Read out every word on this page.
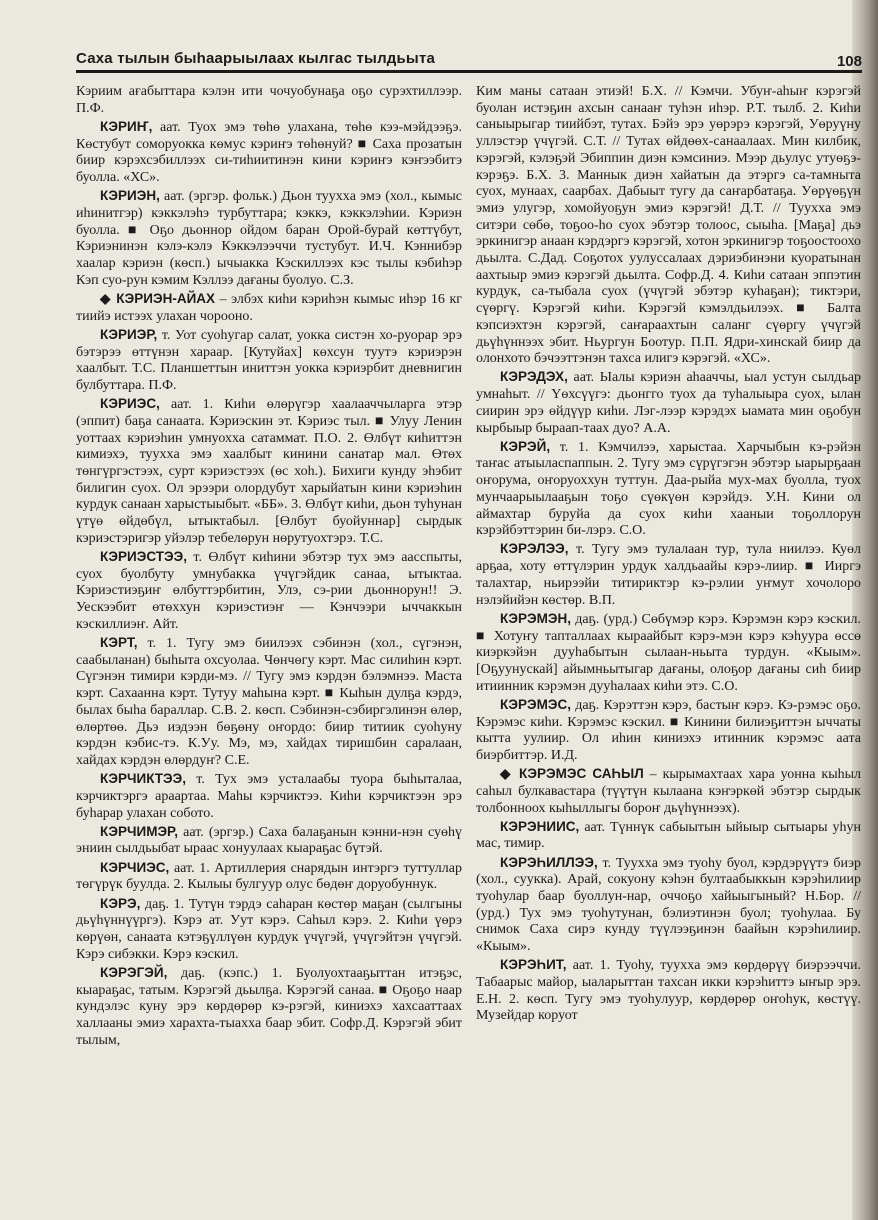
Саха тылын быһаарыылаах кылгас тылдьыта	108

Кэриим ағабыттара кэлэн ити чочуобунаҕа оҕо сурэхтиллээр. П.Ф.

КЭРИҤ, аат. Туох эмэ төһө улахана, төһө кээ-мэйдээҕэ. Көстубут соморуокка көмус кэриҥэ төһөнуй? ■ Саха прозатын биир кэрэхсэбиллээх си-тиһиитинэн кини кэриҥэ кэҥээбитэ буолла. «ХС».

КЭРИЭН, аат. (эргэр. фольк.) Дьон тууххa эмэ (хол., кымыс иһинитгэр) кэккэлэһэ турбуттара; кэккэ, кэккэлэһии. Кэриэн буолла. ■ Оҕо дьоннор ойдом баран Орой-бурай көттүбут, Кэриэнинэн кэлэ-кэлэ Кэккэлээччи тустубут. И.Ч. Кэннибэр хаалар кэриэн (көсп.) ычыакка Кэскиллээх кэс тылы кэбиһэр Кэп суо-рун кэмим Кэллээ дағаны буолуо. С.З.

◆ КЭРИЭН-АЙАХ – элбэх киһи кэриһэн кымыс иһэр 16 кг тиийэ истээх улахан чороонo.

КЭРИЭР, т. Уот суоһугар салат, уокка систэн хо-руорар эрэ бэтэрээ өттүнэн хараар. [Кутуйах] көхсун туутэ кэриэрэн хаалбыт. Т.С. Планшеттын иниттэн уокка кэриэрбит дневнигин булбуттара. П.Ф.

КЭРИЭС, аат. 1. Киһи өлөрүгэр хаалааччыларга этэр (эппит) баҕа санаата. Кэриэскин эт. Кэриэс тыл. ■ Улуу Ленин уоттаах кэриэһин умнуохха сатаммат. П.О. 2. Өлбүт киһиттэн кимиэхэ, тууххa эмэ хаалбыт кинини санатар мал. Өтөх төнгүргэстээх, сурт кэриэстээх (өс хоһ.). Бихиги кунду эһэбит билигин суох. Ол эрээри олордубут харыйатын кини кэриэһин курдук санаан харыстыыбыт. «ББ». 3. Өлбүт киһи, дьон туһунан үтүө өйдөбүл, ытыктабыл. [Өлбут буойуннар] сырдык кэриэстэригэр уйэлэр тебелөрун нөрутуохтэрэ. Т.С.

КЭРИЭСТЭЭ, т. Өлбүт киһини эбэтэр тух эмэ аасcпыты, суох буолбуту умнубакка үчүгэйдик санаа, ытыктаа. Кэриэстиэҕиҥ өлбуттэрбитин, Улэ, сэ-рии дьоннорун!! Э. Уескээбит өтөххун кэриэстиэҥ — Кэнчээри ыччаккын кэскиллиэҥ. Айт.

КЭРТ, т. 1. Тугу эмэ биилээх сэбинэн (хол., сүгэнэн, саабыланан) быһыта охсуолаа. Чөнчөгу кэрт. Мас силиһин кэрт. Сүгэнэн тимири кэрди-мэ. // Тугу эмэ кэрдэн бэлэмнээ. Маста кэрт. Сахаанна кэрт. Тутуу маһына кэрт. ■ Кыһын дулҕа кэрдэ, былах быһа бараллар. С.В. 2. көсп. Сэбинэн-сэбиргэлинэн өлөр, өлөртөө. Дьэ иэдээн бөҕөну оҥордо: биир титиик суоһуну кэрдэн кэбис-тэ. К.Уу. Мэ, мэ, хайдах тиришбин саралаан, хайдах кэрдэн өлөрдуҥ? С.Е.

КЭРЧИКТЭЭ, т. Тух эмэ усталаабы туора быһыталаа, кэрчиктэргэ араартаа. Маһы кэрчиктээ. Киһи кэрчиктээн эрэ буһарар улахан собото.

КЭРЧИМЭР, аат. (эргэр.) Саха балаҕанын кэнни-нэн суөһү эниин сылдьыбат ыраас хонуулаах кыараҕас бүтэй.

КЭРЧИЭС, аат. 1. Артиллерия снарядын интэргэ туттуллар төгүрүк буулда. 2. Кылыы булгуур олус бөдөҥ доруобуннук.

КЭРЭ, даҕ. 1. Тутүн тэрдэ саһаран көстөр маҕан (сылгыны дьүһүннүүргэ). Кэрэ ат. Уут кэрэ. Саһыл кэрэ. 2. Киһи үөрэ көрүөн, санаата кэтэҕүллүөн курдук үчүгэй, үчүгэйтэн үчүгэй. Кэрэ сибэкки. Кэрэ кэскил.

КЭРЭГЭЙ, даҕ. (кэпс.) 1. Буолуохтааҕыттан итэҕэс, кыараҕас, татым. Кэрэгэй дьылҕа. Кэрэгэй санаа. ■ Оҕоҕо наар кундэлэс куну эрэ көрдөрөр кэ-рэгэй, киниэхэ хахсааттаах халлааны эмиэ харахта-тыахха баар эбит. Софр.Д. Кэрэгэй эбит тылым,

Ким маны сатаан этиэй! Б.Х. // Кэмчи. Убуҥ-аһыҥ кэрэгэй буолан истэҕин ахсын санааҥ туһэн иһэр. Р.Т. тылб. 2. Киһи саныырыгар тиийбэт, тутах. Бэйэ эрэ уөрэрэ кэрэгэй, Уөруүну уллэстэр үчүгэй. С.Т. // Тутах өйдөөх-санаалаах. Мин килбик, кэрэгэй, кэлэҕэй Эбиппин диэн кэмсиниэ. Мээр дьулус утуөҕэ-кэрэҕэ. Б.Х. 3. Маннык диэн хайатын да этэргэ са-тамныта суох, мунаах, саарбах. Дабыыт тугу да саҥарбатаҕа. Уөрүөҕүн эмиэ улугэр, хомойуоҕун эмиэ кэрэгэй! Д.Т. // Тууххa эмэ ситэри сөбө, тоҕоо-һо суох эбэтэр толоос, сыыһа. [Маҕа] дьэ эркинигэр анаан кэрдэргэ кэрэгэй, хотон эркинигэр тоҕоостоохо дьылта. С.Дад. Соҕотох уулуссалаах дэриэбинэни куоратынан аахтыыр эмиэ кэрэгэй дьылта. Софр.Д. 4. Киһи сатаан эппэтин курдук, са-тыбала суох (үчүгэй эбэтэр куһаҕан); тиктэри, сүөргү. Кэрэгэй киһи. Кэрэгэй кэмэлдьилээх. ■ Балта кэпсиэхтэн кэрэгэй, саҥараахтын саланг сүөргу үчүгэй дьүһүннээх эбит. Ньургун Боотур. П.П. Ядри-хинскай биир да олонхото бэчээттэнэн тахса илигэ кэрэгэй. «ХС».

КЭРЭДЭХ, аат. Ыалы кэриэн аһааччы, ыал устун сылдьар умнаһыт. // Үөхсүүгэ: дьонгго туох да туһалыыра суох, ылан сиирин эрэ өйдүүр киһи. Лэг-лээр кэрэдэх ыамата мин оҕобун кырбыыр быраап-таах дуо? А.А.

КЭРЭЙ, т. 1. Кэмчилээ, харыстаа. Харчыбын кэ-рэйэн таҥас атыылаcпаппын. 2. Тугу эмэ сүрүгэгэн эбэтэр ыарырҕаан оҥорума, оҥоруоххун туттун. Даа-рыйа мух-мах буолла, туох мунчаарыылааҕын тоҕо сүөкүөн кэрэйдэ. У.Н. Кини ол аймахтар буруйа да суох киһи хааныи тоҕоллорун кэрэйбэттэрин би-лэрэ. С.О.

КЭРЭЛЭЭ, т. Тугу эмэ тулалаан тур, тула ниилээ. Куөл арҕаа, хоту өттүлэрин урдук халдьаайы кэрэ-лиир. ■ Ииргэ талахтар, ньирээйи титириктэр кэ-рэлии уҥмут хочолоро нэлэйийэн көстөр. В.П.

КЭРЭМЭН, даҕ. (урд.) Сөбүмэр кэрэ. Кэрэмэн кэрэ кэскил. ■ Хотуҥу тапталлаах кыраайбыт кэрэ-мэн кэрэ кэһуура өссө киэркэйэн дууһабытын сылаан-ньыта турдун. «Кыым». [Оҕуунускай] айымньытыгар дағаны, олоҕор дағаны сиһ биир итиинник кэрэмэн дууһалаах киһи этэ. С.О.

КЭРЭМЭС, даҕ. Кэрэттэн кэрэ, бастыҥ кэрэ. Кэ-рэмэс оҕо. Кэрэмэс киһи. Кэрэмэс кэскил. ■ Кинини билиэҕиттэн ыччаты кытта уулиир. Ол иһин киниэхэ итинник кэрэмэс аата биэрбиттэр. И.Д.

◆ КЭРЭМЭС САҺЫЛ – кырымахтаах хара уонна кыһыл саһыл булкавастара (түүтүн кылаана кэҥэркөй эбэтэр сырдык толбонноох кыһыллыгы бороҥ дьүһүннээх).

КЭРЭНИИС, аат. Түннүк сабыытын ыйыыр сытыары уһун мас, тимир.

КЭРЭҺИЛЛЭЭ, т. Тууххa эмэ туоһу буол, кэрдэрүүтэ биэр (хол., суукка). Арай, сокуону кэһэн бултаабыккын кэрэһилиир туоһулар баар буоллун-нар, оччоҕо хайыыгыный? Н.Бор. // (урд.) Тух эмэ туоһутунан, бэлиэтинэн буол; туоһулаа. Бу снимок Саха сирэ кунду түүлээҕинэн баайын кэрэһилиир. «Кыым».

КЭРЭҺИТ, аат. 1. Туоһу, тууххa эмэ көрдөрүү биэрээччи. Табаарыс майор, ыаларыттан тахсан икки кэрэһиттэ ыҥыр эрэ. Е.Н. 2. көсп. Тугу эмэ туоһулуур, көрдөрөр оҥоһук, көстүү. Музейдар коруот
